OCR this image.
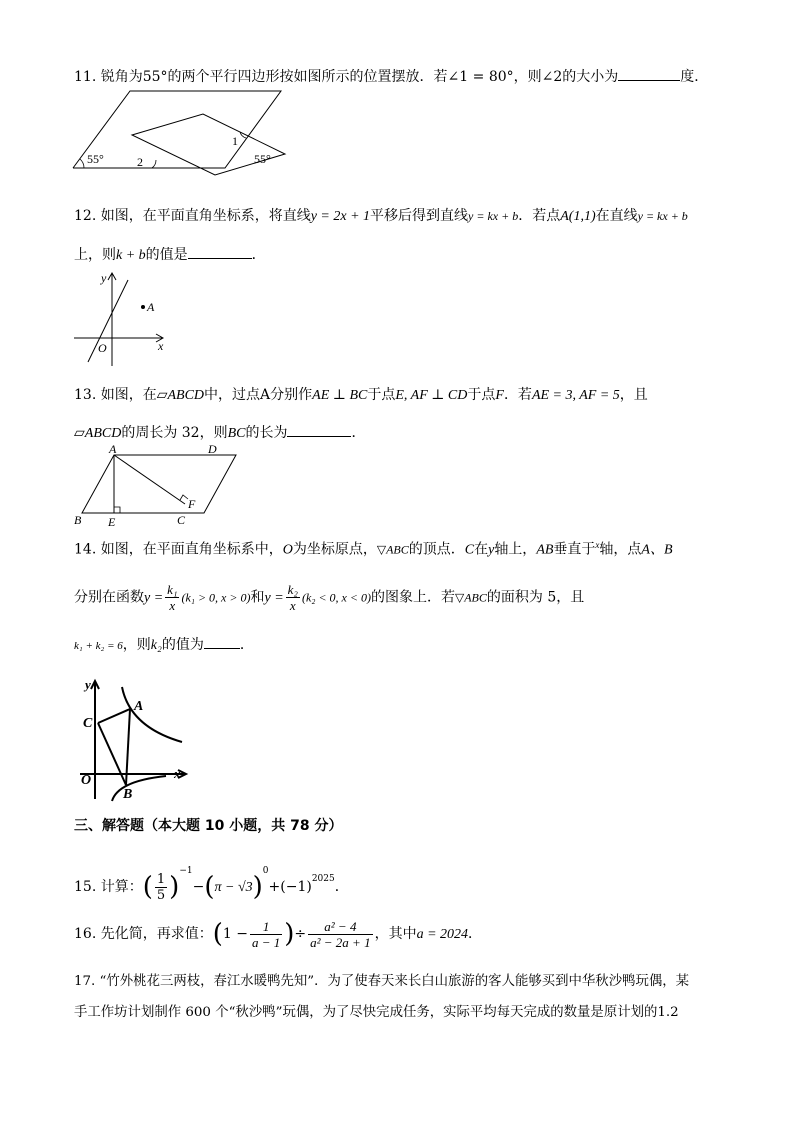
11. 锐角为55°的两个平行四边形按如图所示的位置摆放．若∠1 = 80°，则∠2的大小为	度．
55°	2
1
55°
12. 如图，在平面直角坐标系，将直线y = 2x + 1平移后得到直线y = kx + b．若点A(1,1)在直线y = kx + b
上，则k + b的值是	．
y
x
O
A
13. 如图，在▱ABCD中，过点A分别作AE ⊥ BC于点E, AF ⊥ CD于点F．若AE = 3, AF = 5，且
▱ABCD的周长为 32，则BC的长为	．
A	D
F
B E	C
14. 如图，在平面直角坐标系中，O为坐标原点，▽ABC的顶点．C在y轴上，AB垂直于$^x$轴，点A、B
分别在函数$y = \frac{\text{k₁}}{x} (k_1 > 0$, x > 0)和$y = \frac{\text{k₂}}{x} (k_2 < 0$, x < 0)的图象上．若▽ABC的面积为 5，且
k₁ + k₂ = 6，则k₂的值为	．
y
x
O
C
A
B
三、解答题（本大题 10 小题，共 78 分）
15. 计算：( $\frac{1}{5} )^{-1}-(\pi - √3)^0+(-1)^{2025}$．
16. 先化简，再求值：($1 - \frac{1}{a - 1}$ )÷ $\frac{\text{a² − 4}}{\text{a² − 2a + 1}}$ ，其中a = 2024．
17. “竹外桃花三两枝，春江水暖鸭先知”．为了使春天来长白山旅游的客人能够买到中华秋沙鸭玩偶，某
手工作坊计划制作 600 个“秋沙鸭”玩偶，为了尽快完成任务，实际平均每天完成的数量是原计划的1.2
